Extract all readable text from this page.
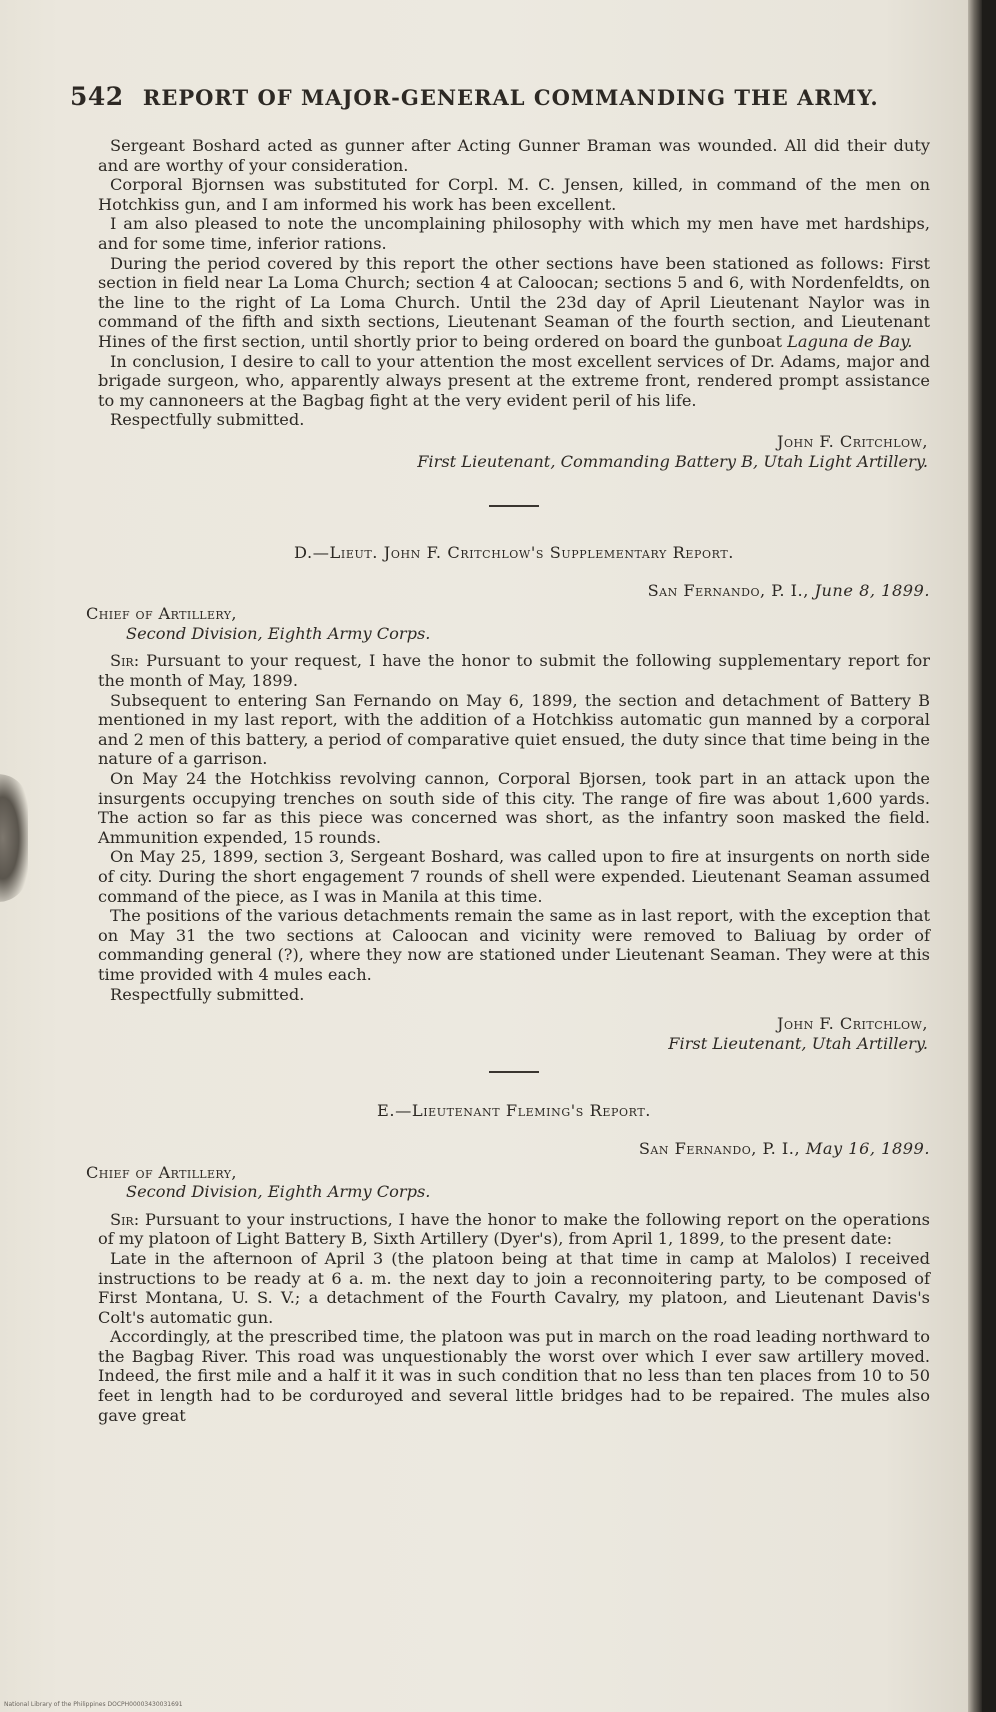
542 REPORT OF MAJOR-GENERAL COMMANDING THE ARMY.

Sergeant Boshard acted as gunner after Acting Gunner Braman was wounded. All did their duty and are worthy of your consideration.

Corporal Bjornsen was substituted for Corpl. M. C. Jensen, killed, in command of the men on Hotchkiss gun, and I am informed his work has been excellent.

I am also pleased to note the uncomplaining philosophy with which my men have met hardships, and for some time, inferior rations.

During the period covered by this report the other sections have been stationed as follows: First section in field near La Loma Church; section 4 at Caloocan; sections 5 and 6, with Nordenfeldts, on the line to the right of La Loma Church. Until the 23d day of April Lieutenant Naylor was in command of the fifth and sixth sections, Lieutenant Seaman of the fourth section, and Lieutenant Hines of the first section, until shortly prior to being ordered on board the gunboat Laguna de Bay.

In conclusion, I desire to call to your attention the most excellent services of Dr. Adams, major and brigade surgeon, who, apparently always present at the extreme front, rendered prompt assistance to my cannoneers at the Bagbag fight at the very evident peril of his life.

Respectfully submitted.

John F. Critchlow,
First Lieutenant, Commanding Battery B, Utah Light Artillery.
D.—Lieut. John F. Critchlow's Supplementary Report.
San Fernando, P. I., June 8, 1899.
Chief of Artillery,
Second Division, Eighth Army Corps.

Sir: Pursuant to your request, I have the honor to submit the following supplementary report for the month of May, 1899.

Subsequent to entering San Fernando on May 6, 1899, the section and detachment of Battery B mentioned in my last report, with the addition of a Hotchkiss automatic gun manned by a corporal and 2 men of this battery, a period of comparative quiet ensued, the duty since that time being in the nature of a garrison.

On May 24 the Hotchkiss revolving cannon, Corporal Bjorsen, took part in an attack upon the insurgents occupying trenches on south side of this city. The range of fire was about 1,600 yards. The action so far as this piece was concerned was short, as the infantry soon masked the field. Ammunition expended, 15 rounds.

On May 25, 1899, section 3, Sergeant Boshard, was called upon to fire at insurgents on north side of city. During the short engagement 7 rounds of shell were expended. Lieutenant Seaman assumed command of the piece, as I was in Manila at this time.

The positions of the various detachments remain the same as in last report, with the exception that on May 31 the two sections at Caloocan and vicinity were removed to Baliuag by order of commanding general (?), where they now are stationed under Lieutenant Seaman. They were at this time provided with 4 mules each.

Respectfully submitted.

John F. Critchlow,
First Lieutenant, Utah Artillery.
E.—Lieutenant Fleming's Report.
San Fernando, P. I., May 16, 1899.
Chief of Artillery,
Second Division, Eighth Army Corps.

Sir: Pursuant to your instructions, I have the honor to make the following report on the operations of my platoon of Light Battery B, Sixth Artillery (Dyer's), from April 1, 1899, to the present date:

Late in the afternoon of April 3 (the platoon being at that time in camp at Malolos) I received instructions to be ready at 6 a. m. the next day to join a reconnoitering party, to be composed of First Montana, U. S. V.; a detachment of the Fourth Cavalry, my platoon, and Lieutenant Davis's Colt's automatic gun.

Accordingly, at the prescribed time, the platoon was put in march on the road leading northward to the Bagbag River. This road was unquestionably the worst over which I ever saw artillery moved. Indeed, the first mile and a half it it was in such condition that no less than ten places from 10 to 50 feet in length had to be corduroyed and several little bridges had to be repaired. The mules also gave great

National Library of the Philippines DOCPH00003430031691
